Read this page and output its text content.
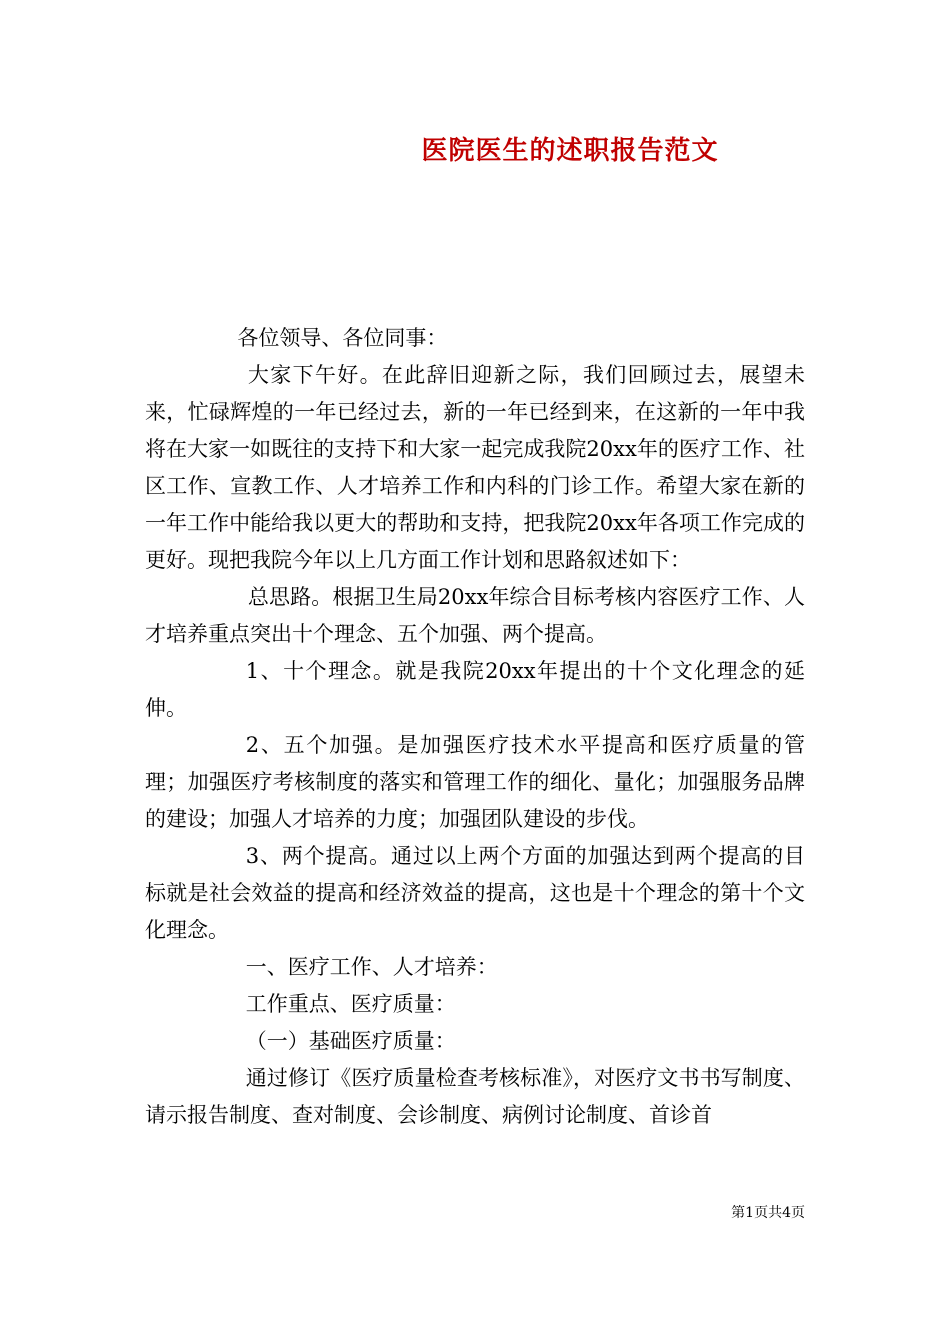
医院医生的述职报告范文

各位领导、各位同事：

大家下午好。在此辞旧迎新之际，我们回顾过去，展望未来，忙碌辉煌的一年已经过去，新的一年已经到来，在这新的一年中我将在大家一如既往的支持下和大家一起完成我院20xx年的医疗工作、社区工作、宣教工作、人才培养工作和内科的门诊工作。希望大家在新的一年工作中能给我以更大的帮助和支持，把我院20xx年各项工作完成的更好。现把我院今年以上几方面工作计划和思路叙述如下：

总思路。根据卫生局20xx年综合目标考核内容医疗工作、人才培养重点突出十个理念、五个加强、两个提高。

1、十个理念。就是我院20xx年提出的十个文化理念的延伸。

2、五个加强。是加强医疗技术水平提高和医疗质量的管理；加强医疗考核制度的落实和管理工作的细化、量化；加强服务品牌的建设；加强人才培养的力度；加强团队建设的步伐。

3、两个提高。通过以上两个方面的加强达到两个提高的目标就是社会效益的提高和经济效益的提高，这也是十个理念的第十个文化理念。

一、医疗工作、人才培养：

工作重点、医疗质量：

（一）基础医疗质量：

通过修订《医疗质量检查考核标准》，对医疗文书书写制度、请示报告制度、查对制度、会诊制度、病例讨论制度、首诊首

第1页共4页
